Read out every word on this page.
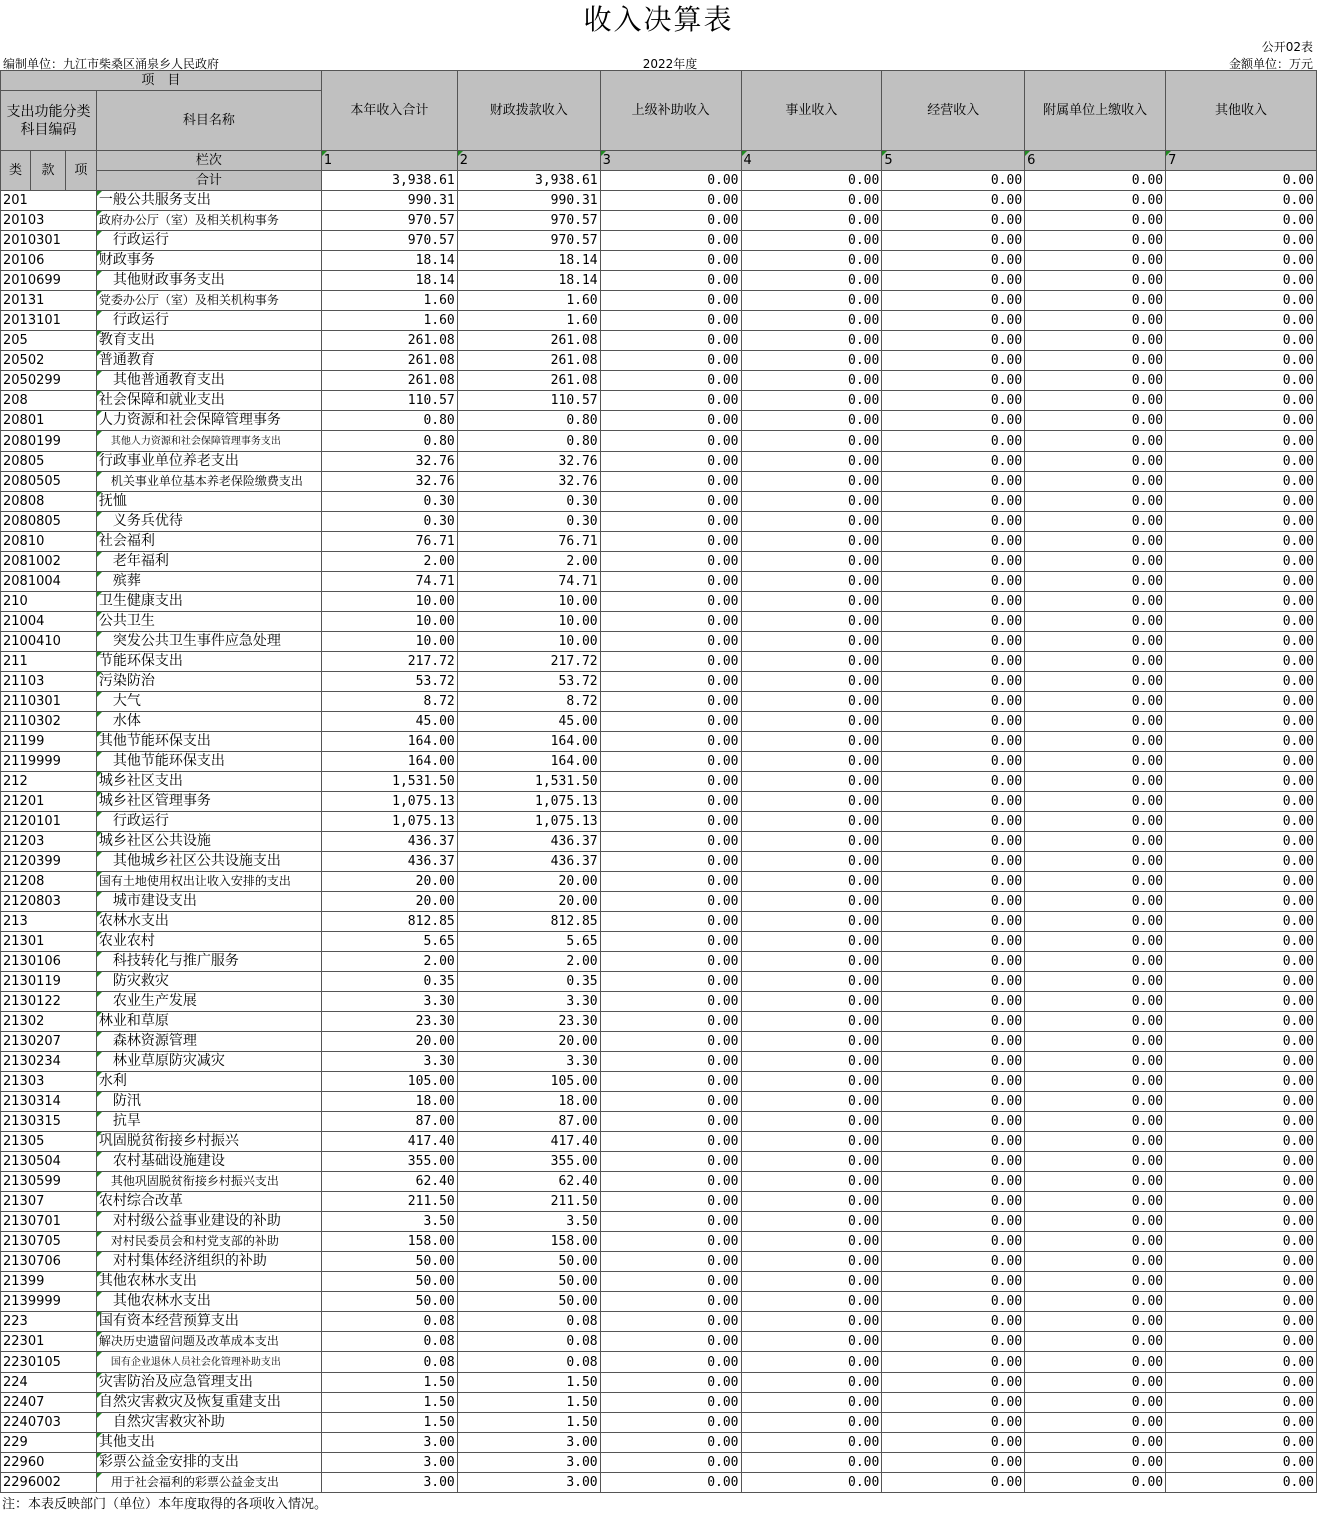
收入决算表
公开02表
编制单位：九江市柴桑区涌泉乡人民政府	2022年度	金额单位：万元
项　目				本年收入合计	财政拨款收入	上级补助收入	事业收入	经营收入	附属单位上缴收入	其他收入
支出功能分类科目编码			科目名称							

类	款	项	栏次	1	2	3	4	5	6	7
			合计	3,938.61	3,938.61	0.00	0.00	0.00	0.00	0.00
201			一般公共服务支出	990.31	990.31	0.00	0.00	0.00	0.00	0.00
20103			政府办公厅（室）及相关机构事务	970.57	970.57	0.00	0.00	0.00	0.00	0.00
2010301			行政运行	970.57	970.57	0.00	0.00	0.00	0.00	0.00
20106			财政事务	18.14	18.14	0.00	0.00	0.00	0.00	0.00
2010699			其他财政事务支出	18.14	18.14	0.00	0.00	0.00	0.00	0.00
20131			党委办公厅（室）及相关机构事务	1.60	1.60	0.00	0.00	0.00	0.00	0.00
2013101			行政运行	1.60	1.60	0.00	0.00	0.00	0.00	0.00
205			教育支出	261.08	261.08	0.00	0.00	0.00	0.00	0.00
20502			普通教育	261.08	261.08	0.00	0.00	0.00	0.00	0.00
2050299			其他普通教育支出	261.08	261.08	0.00	0.00	0.00	0.00	0.00
208			社会保障和就业支出	110.57	110.57	0.00	0.00	0.00	0.00	0.00
20801			人力资源和社会保障管理事务	0.80	0.80	0.00	0.00	0.00	0.00	0.00
2080199			其他人力资源和社会保障管理事务支出	0.80	0.80	0.00	0.00	0.00	0.00	0.00
20805			行政事业单位养老支出	32.76	32.76	0.00	0.00	0.00	0.00	0.00
2080505			机关事业单位基本养老保险缴费支出	32.76	32.76	0.00	0.00	0.00	0.00	0.00
20808			抚恤	0.30	0.30	0.00	0.00	0.00	0.00	0.00
2080805			义务兵优待	0.30	0.30	0.00	0.00	0.00	0.00	0.00
20810			社会福利	76.71	76.71	0.00	0.00	0.00	0.00	0.00
2081002			老年福利	2.00	2.00	0.00	0.00	0.00	0.00	0.00
2081004			殡葬	74.71	74.71	0.00	0.00	0.00	0.00	0.00
210			卫生健康支出	10.00	10.00	0.00	0.00	0.00	0.00	0.00
21004			公共卫生	10.00	10.00	0.00	0.00	0.00	0.00	0.00
2100410			突发公共卫生事件应急处理	10.00	10.00	0.00	0.00	0.00	0.00	0.00
211			节能环保支出	217.72	217.72	0.00	0.00	0.00	0.00	0.00
21103			污染防治	53.72	53.72	0.00	0.00	0.00	0.00	0.00
2110301			大气	8.72	8.72	0.00	0.00	0.00	0.00	0.00
2110302			水体	45.00	45.00	0.00	0.00	0.00	0.00	0.00
21199			其他节能环保支出	164.00	164.00	0.00	0.00	0.00	0.00	0.00
2119999			其他节能环保支出	164.00	164.00	0.00	0.00	0.00	0.00	0.00
212			城乡社区支出	1,531.50	1,531.50	0.00	0.00	0.00	0.00	0.00
21201			城乡社区管理事务	1,075.13	1,075.13	0.00	0.00	0.00	0.00	0.00
2120101			行政运行	1,075.13	1,075.13	0.00	0.00	0.00	0.00	0.00
21203			城乡社区公共设施	436.37	436.37	0.00	0.00	0.00	0.00	0.00
2120399			其他城乡社区公共设施支出	436.37	436.37	0.00	0.00	0.00	0.00	0.00
21208			国有土地使用权出让收入安排的支出	20.00	20.00	0.00	0.00	0.00	0.00	0.00
2120803			城市建设支出	20.00	20.00	0.00	0.00	0.00	0.00	0.00
213			农林水支出	812.85	812.85	0.00	0.00	0.00	0.00	0.00
21301			农业农村	5.65	5.65	0.00	0.00	0.00	0.00	0.00
2130106			科技转化与推广服务	2.00	2.00	0.00	0.00	0.00	0.00	0.00
2130119			防灾救灾	0.35	0.35	0.00	0.00	0.00	0.00	0.00
2130122			农业生产发展	3.30	3.30	0.00	0.00	0.00	0.00	0.00
21302			林业和草原	23.30	23.30	0.00	0.00	0.00	0.00	0.00
2130207			森林资源管理	20.00	20.00	0.00	0.00	0.00	0.00	0.00
2130234			林业草原防灾减灾	3.30	3.30	0.00	0.00	0.00	0.00	0.00
21303			水利	105.00	105.00	0.00	0.00	0.00	0.00	0.00
2130314			防汛	18.00	18.00	0.00	0.00	0.00	0.00	0.00
2130315			抗旱	87.00	87.00	0.00	0.00	0.00	0.00	0.00
21305			巩固脱贫衔接乡村振兴	417.40	417.40	0.00	0.00	0.00	0.00	0.00
2130504			农村基础设施建设	355.00	355.00	0.00	0.00	0.00	0.00	0.00
2130599			其他巩固脱贫衔接乡村振兴支出	62.40	62.40	0.00	0.00	0.00	0.00	0.00
21307			农村综合改革	211.50	211.50	0.00	0.00	0.00	0.00	0.00
2130701			对村级公益事业建设的补助	3.50	3.50	0.00	0.00	0.00	0.00	0.00
2130705			对村民委员会和村党支部的补助	158.00	158.00	0.00	0.00	0.00	0.00	0.00
2130706			对村集体经济组织的补助	50.00	50.00	0.00	0.00	0.00	0.00	0.00
21399			其他农林水支出	50.00	50.00	0.00	0.00	0.00	0.00	0.00
2139999			其他农林水支出	50.00	50.00	0.00	0.00	0.00	0.00	0.00
223			国有资本经营预算支出	0.08	0.08	0.00	0.00	0.00	0.00	0.00
22301			解决历史遗留问题及改革成本支出	0.08	0.08	0.00	0.00	0.00	0.00	0.00
2230105			国有企业退休人员社会化管理补助支出	0.08	0.08	0.00	0.00	0.00	0.00	0.00
224			灾害防治及应急管理支出	1.50	1.50	0.00	0.00	0.00	0.00	0.00
22407			自然灾害救灾及恢复重建支出	1.50	1.50	0.00	0.00	0.00	0.00	0.00
2240703			自然灾害救灾补助	1.50	1.50	0.00	0.00	0.00	0.00	0.00
229			其他支出	3.00	3.00	0.00	0.00	0.00	0.00	0.00
22960			彩票公益金安排的支出	3.00	3.00	0.00	0.00	0.00	0.00	0.00
2296002			用于社会福利的彩票公益金支出	3.00	3.00	0.00	0.00	0.00	0.00	0.00
注：本表反映部门（单位）本年度取得的各项收入情况。
